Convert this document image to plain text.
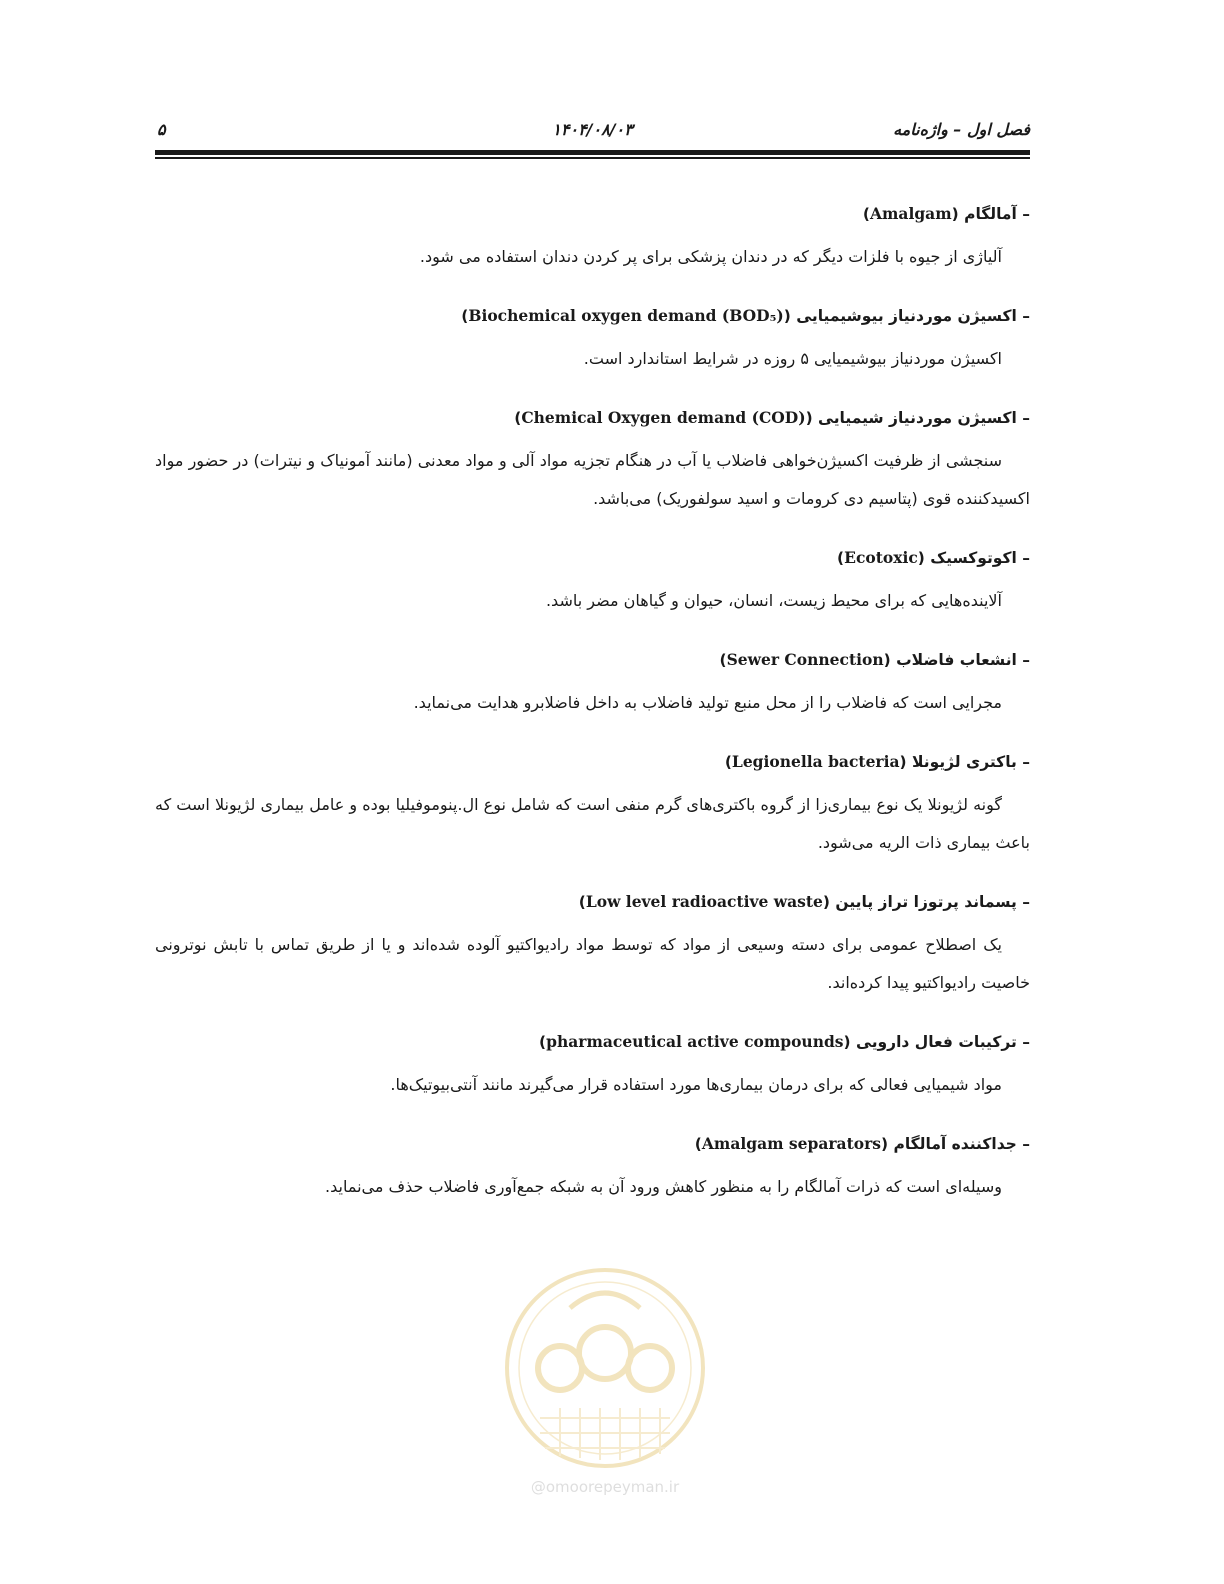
فصل اول – واژه‌نامه
۱۴۰۴/۰۸/۰۳
۵
– آمالگام (Amalgam)
آلیاژی از جیوه با فلزات دیگر که در دندان پزشکی برای پر کردن دندان استفاده می شود.
– اکسیژن موردنیاز بیوشیمیایی (Biochemical oxygen demand (BOD₅))
اکسیژن موردنیاز بیوشیمیایی ۵ روزه در شرایط استاندارد است.
– اکسیژن موردنیاز شیمیایی (Chemical Oxygen demand (COD))
سنجشی از ظرفیت اکسیژن‌خواهی فاضلاب یا آب در هنگام تجزیه مواد آلی و مواد معدنی (مانند آمونیاک و نیترات) در حضور مواد اکسیدکننده قوی (پتاسیم دی کرومات و اسید سولفوریک) می‌باشد.
– اکوتوکسیک (Ecotoxic)
آلاینده‌هایی که برای محیط زیست، انسان، حیوان و گیاهان مضر باشد.
– انشعاب فاضلاب (Sewer Connection)
مجرایی است که فاضلاب را از محل منبع تولید فاضلاب به داخل فاضلابرو هدایت می‌نماید.
– باکتری لژیونلا (Legionella bacteria)
گونه لژیونلا یک نوع بیماری‌زا از گروه باکتری‌های گرم منفی است که شامل نوع ال.پنوموفیلیا بوده و عامل بیماری لژیونلا است که باعث بیماری ذات الریه می‌شود.
– پسماند پرتوزا تراز پایین (Low level radioactive waste)
یک اصطلاح عمومی برای دسته وسیعی از مواد که توسط مواد رادیواکتیو آلوده شده‌اند و یا از طریق تماس با تابش نوترونی خاصیت رادیواکتیو پیدا کرده‌اند.
– ترکیبات فعال دارویی (pharmaceutical active compounds)
مواد شیمیایی فعالی که برای درمان بیماری‌ها مورد استفاده قرار می‌گیرند مانند آنتی‌بیوتیک‌ها.
– جداکننده آمالگام (Amalgam separators)
وسیله‌ای است که ذرات آمالگام را به منظور کاهش ورود آن به شبکه جمع‌آوری فاضلاب حذف می‌نماید.
@omoorepeyman.ir
